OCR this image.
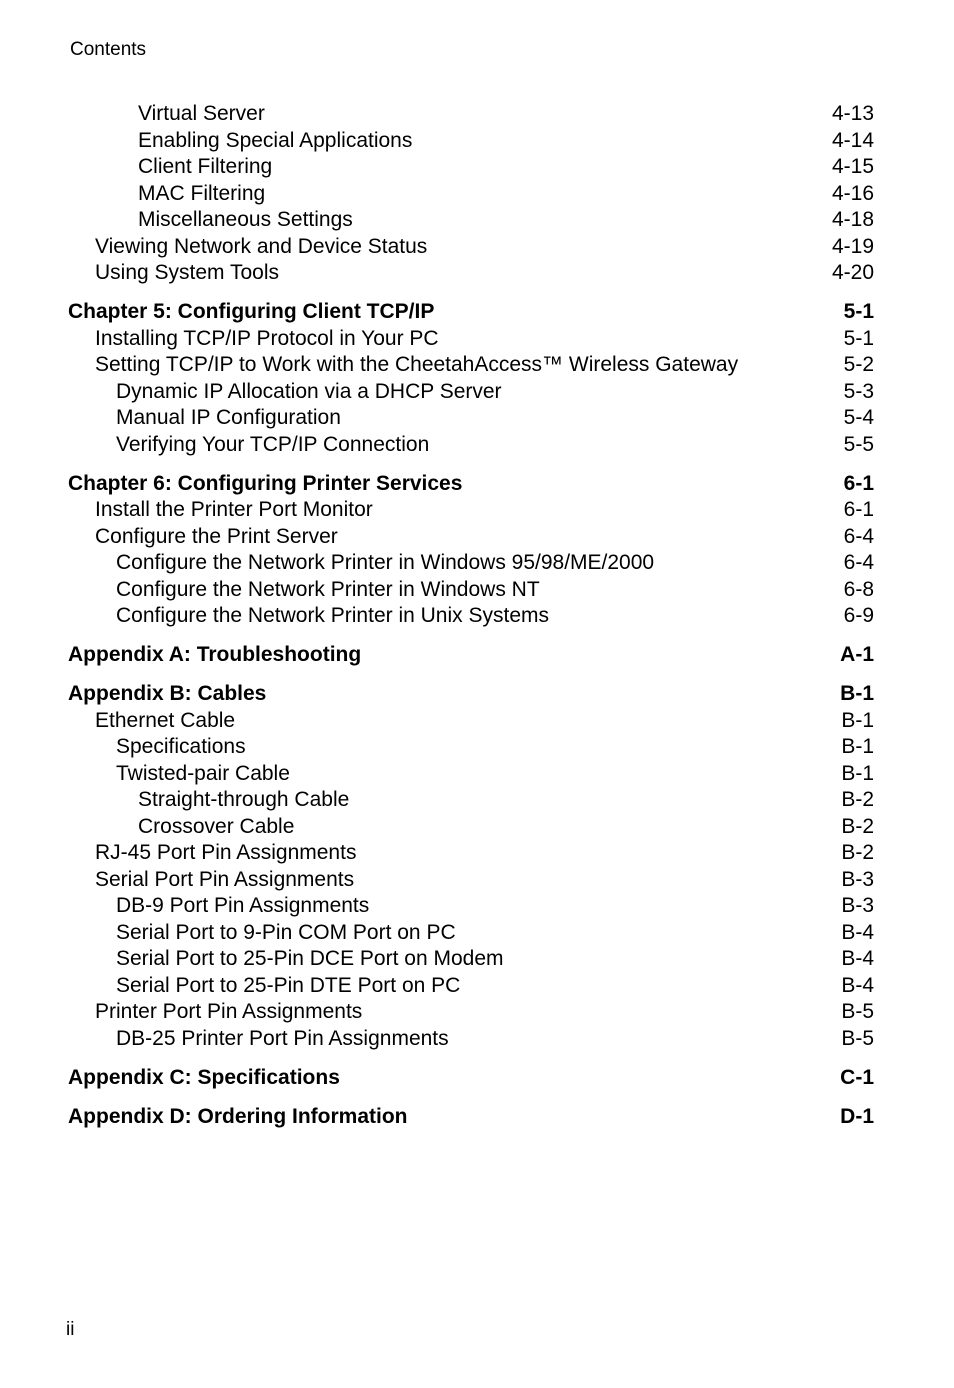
Contents
Virtual Server	4-13
Enabling Special Applications	4-14
Client Filtering	4-15
MAC Filtering	4-16
Miscellaneous Settings	4-18
Viewing Network and Device Status	4-19
Using System Tools	4-20
Chapter 5: Configuring Client TCP/IP	5-1
Installing TCP/IP Protocol in Your PC	5-1
Setting TCP/IP to Work with the CheetahAccess™ Wireless Gateway	5-2
Dynamic IP Allocation via a DHCP Server	5-3
Manual IP Configuration	5-4
Verifying Your TCP/IP Connection	5-5
Chapter 6: Configuring Printer Services	6-1
Install the Printer Port Monitor	6-1
Configure the Print Server	6-4
Configure the Network Printer in Windows 95/98/ME/2000	6-4
Configure the Network Printer in Windows NT	6-8
Configure the Network Printer in Unix Systems	6-9
Appendix A: Troubleshooting	A-1
Appendix B: Cables	B-1
Ethernet Cable	B-1
Specifications	B-1
Twisted-pair Cable	B-1
Straight-through Cable	B-2
Crossover Cable	B-2
RJ-45 Port Pin Assignments	B-2
Serial Port Pin Assignments	B-3
DB-9 Port Pin Assignments	B-3
Serial Port to 9-Pin COM Port on PC	B-4
Serial Port to 25-Pin DCE Port on Modem	B-4
Serial Port to 25-Pin DTE Port on PC	B-4
Printer Port Pin Assignments	B-5
DB-25 Printer Port Pin Assignments	B-5
Appendix C: Specifications	C-1
Appendix D: Ordering Information	D-1
ii
